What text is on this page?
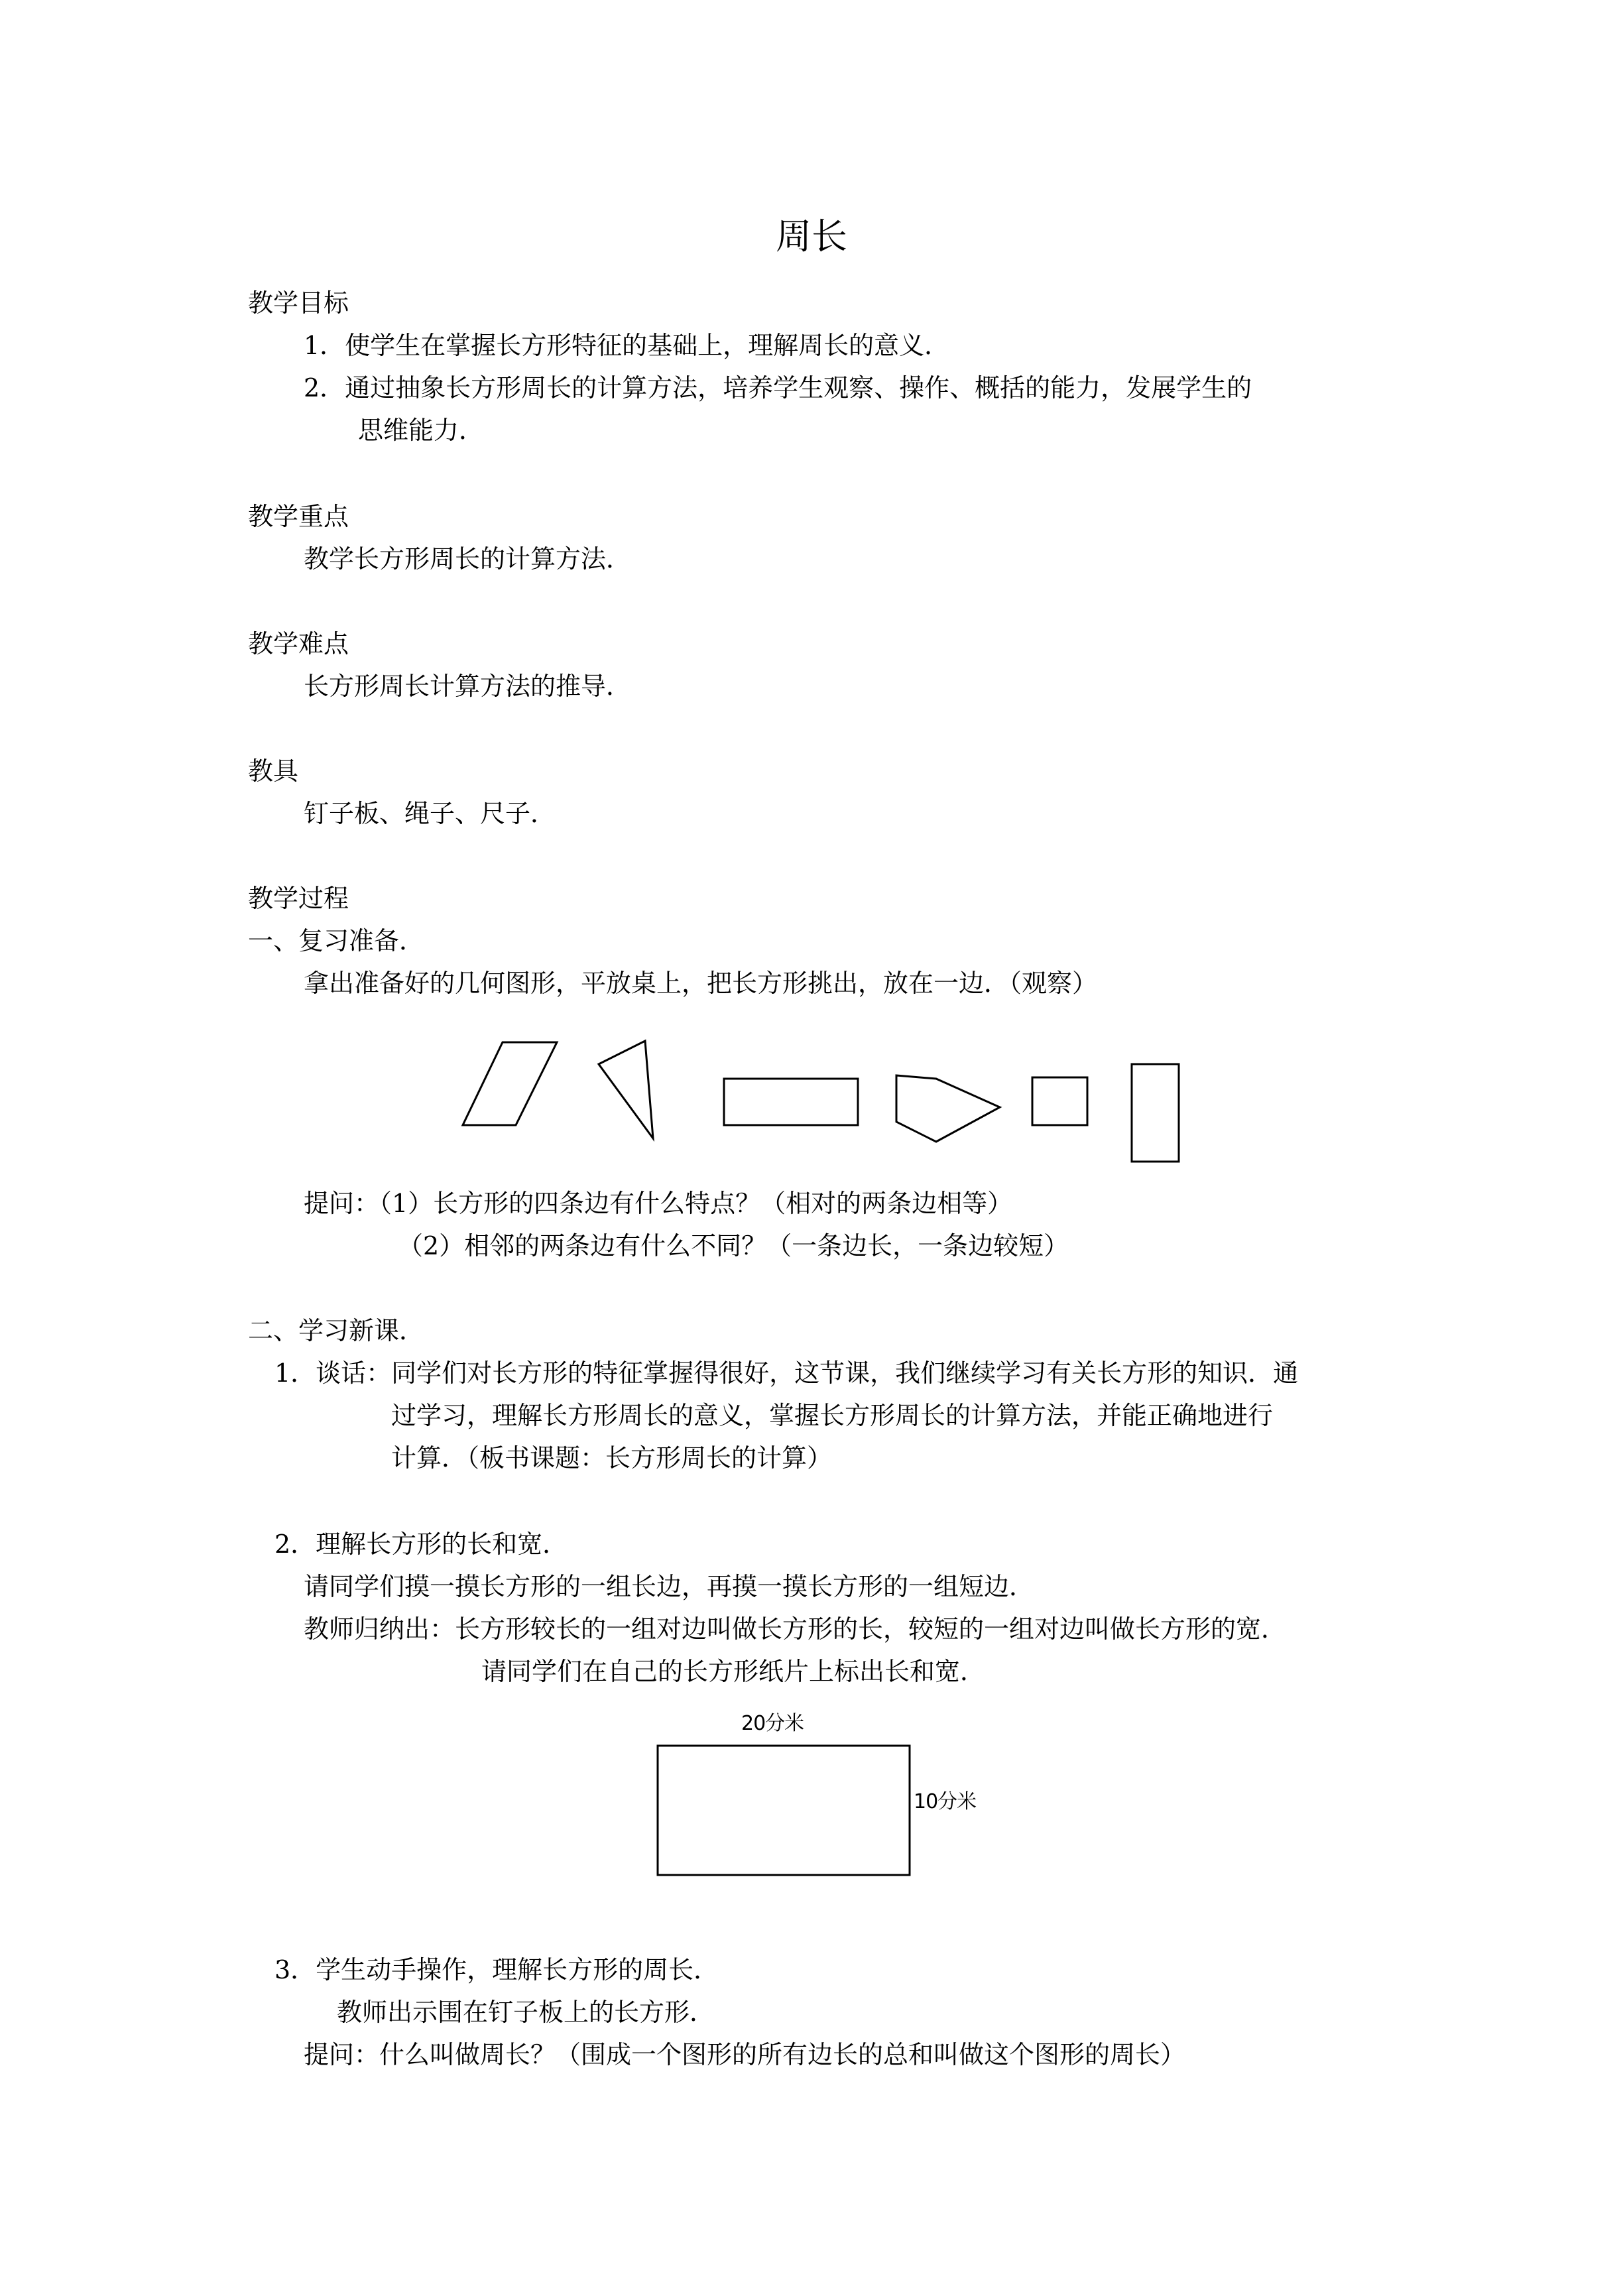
周长
教学目标
1．使学生在掌握长方形特征的基础上，理解周长的意义．
2．通过抽象长方形周长的计算方法，培养学生观察、操作、概括的能力，发展学生的
思维能力．
教学重点
教学长方形周长的计算方法．
教学难点
长方形周长计算方法的推导．
教具
钉子板、绳子、尺子．
教学过程
一、复习准备．
拿出准备好的几何图形，平放桌上，把长方形挑出，放在一边．（观察）
提问：（1）长方形的四条边有什么特点？（相对的两条边相等）
（2）相邻的两条边有什么不同？（一条边长，一条边较短）
二、学习新课．
1．谈话：同学们对长方形的特征掌握得很好，这节课，我们继续学习有关长方形的知识．通
过学习，理解长方形周长的意义，掌握长方形周长的计算方法，并能正确地进行
计算．（板书课题：长方形周长的计算）
2．理解长方形的长和宽．
请同学们摸一摸长方形的一组长边，再摸一摸长方形的一组短边．
教师归纳出：长方形较长的一组对边叫做长方形的长，较短的一组对边叫做长方形的宽．
请同学们在自己的长方形纸片上标出长和宽．
20分米
10分米
3．学生动手操作，理解长方形的周长．
教师出示围在钉子板上的长方形．
提问：什么叫做周长？（围成一个图形的所有边长的总和叫做这个图形的周长）
